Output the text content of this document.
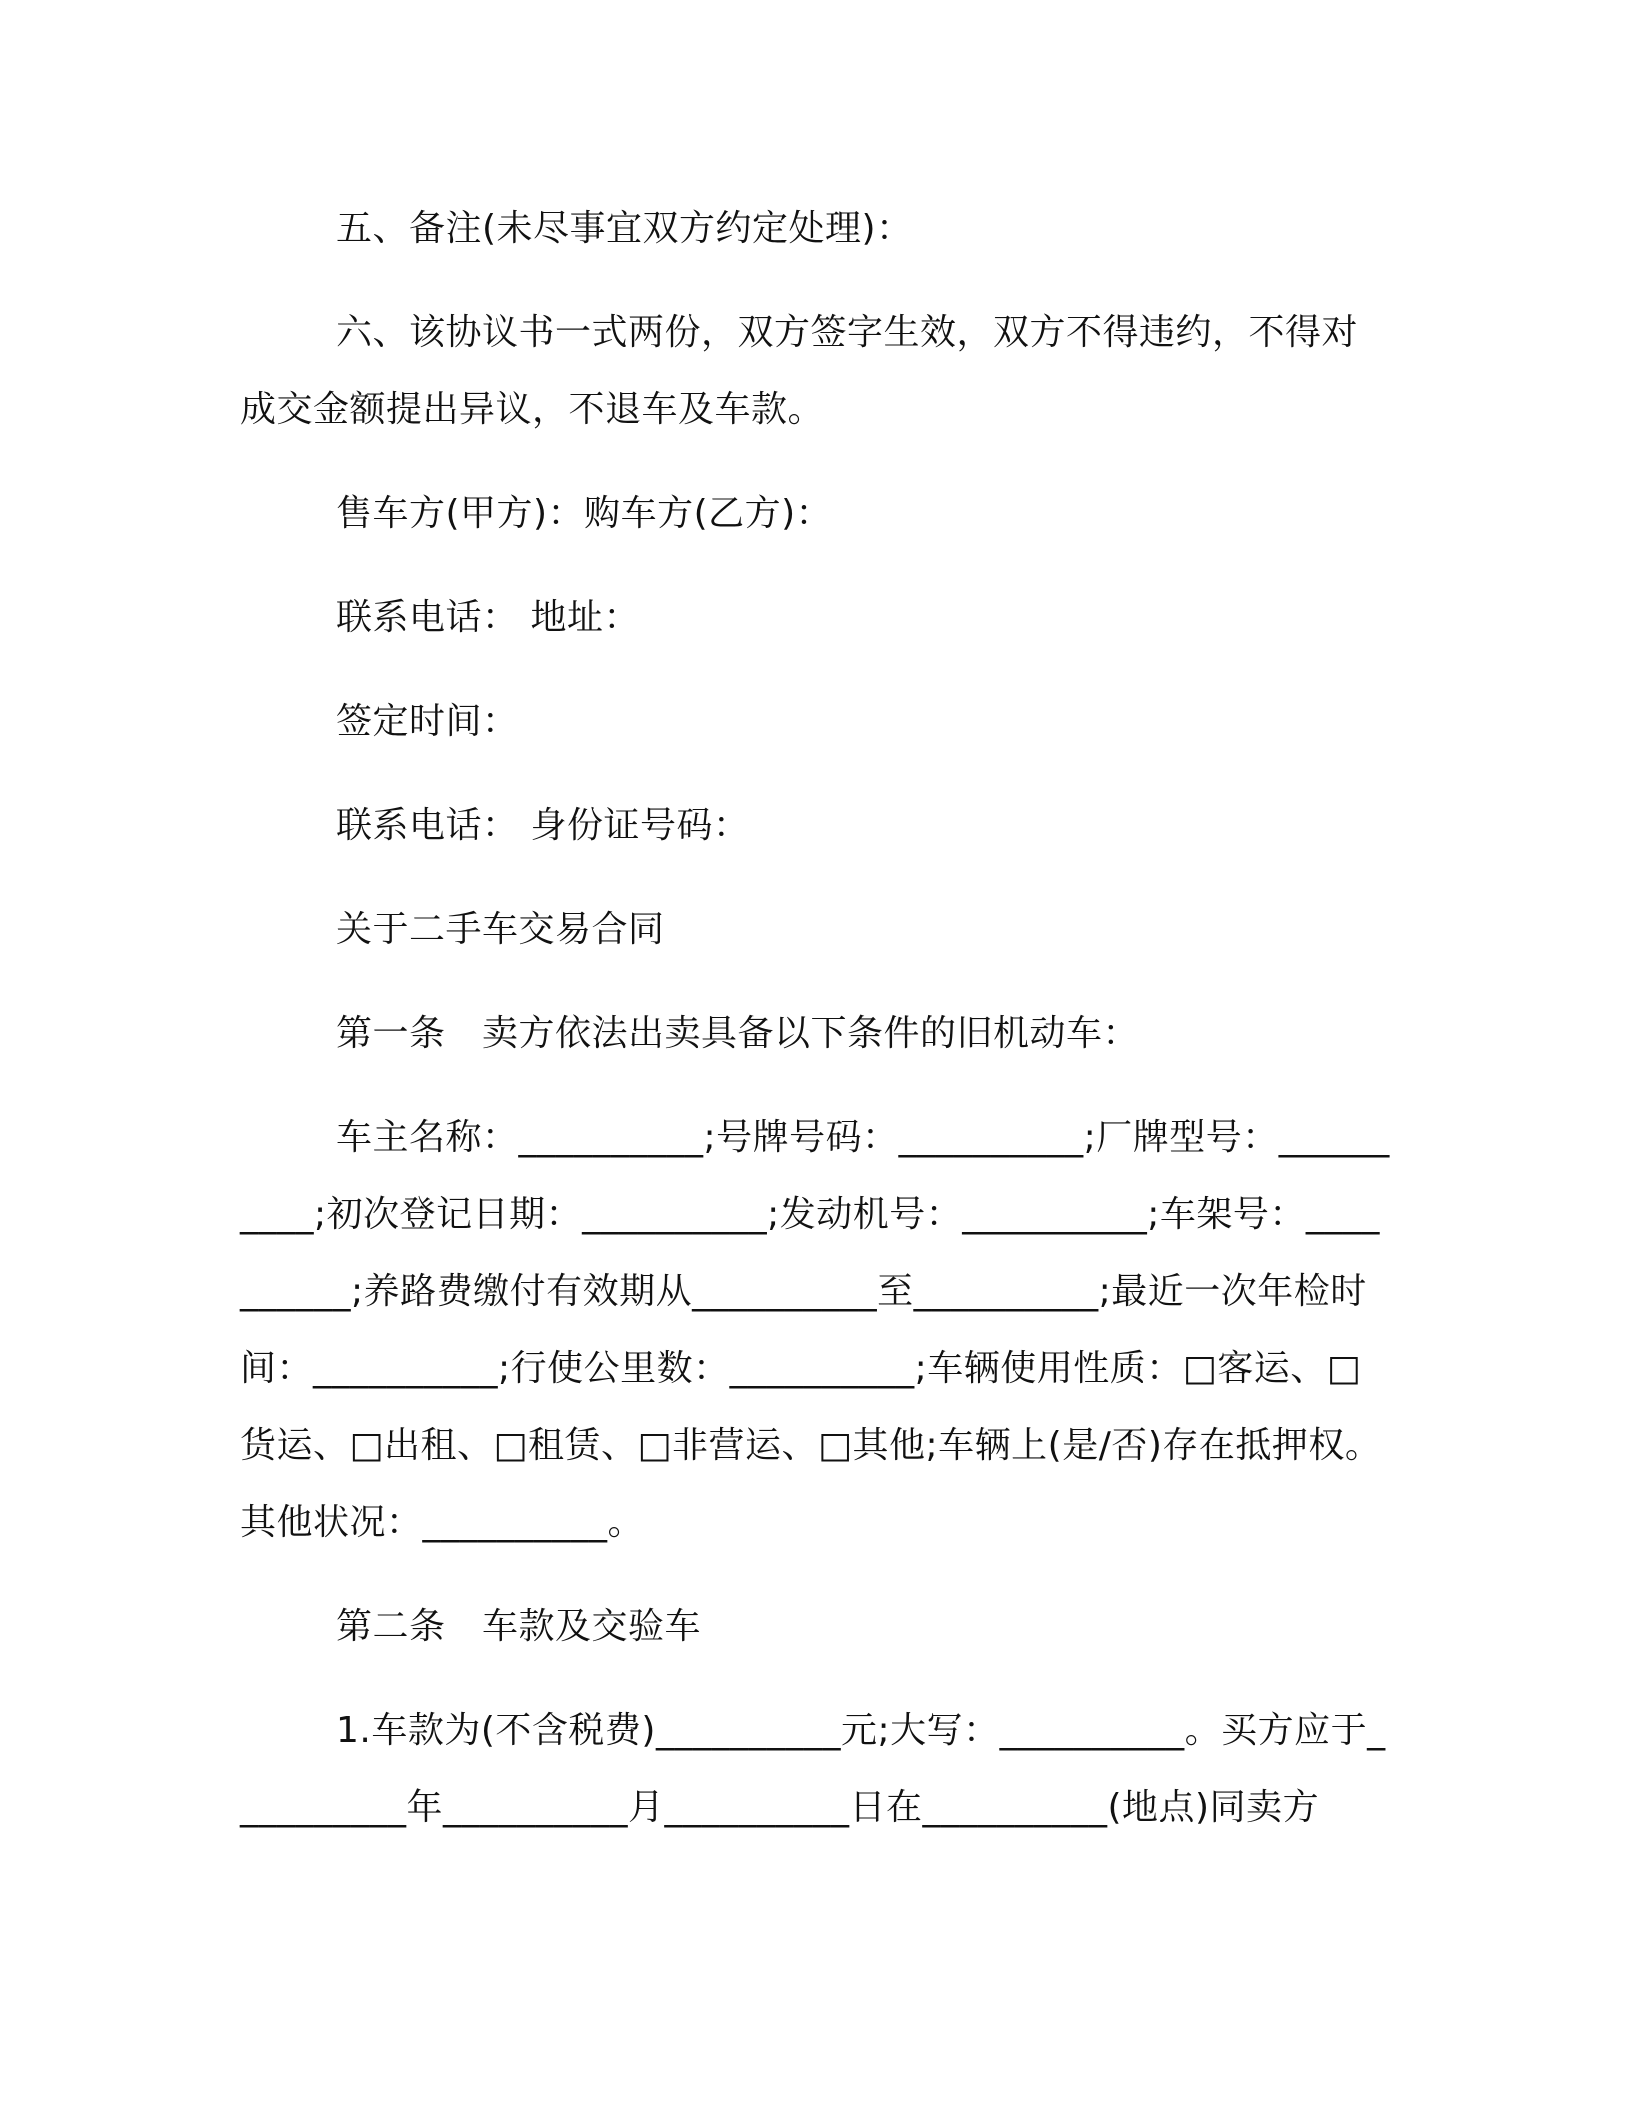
五、备注(未尽事宜双方约定处理)：

六、该协议书一式两份，双方签字生效，双方不得违约，不得对成交金额提出异议，不退车及车款。

售车方(甲方)：购车方(乙方)：

联系电话： 地址：

签定时间：

联系电话： 身份证号码：

关于二手车交易合同

第一条　卖方依法出卖具备以下条件的旧机动车：

车主名称：__________;号牌号码：__________;厂牌型号：__________;初次登记日期：__________;发动机号：__________;车架号：__________;养路费缴付有效期从__________至__________;最近一次年检时间：__________;行使公里数：__________;车辆使用性质：□客运、□货运、□出租、□租赁、□非营运、□其他;车辆上(是/否)存在抵押权。其他状况：__________。

第二条　车款及交验车

1.车款为(不含税费)__________元;大写：__________。买方应于__________年__________月__________日在__________(地点)同卖方
